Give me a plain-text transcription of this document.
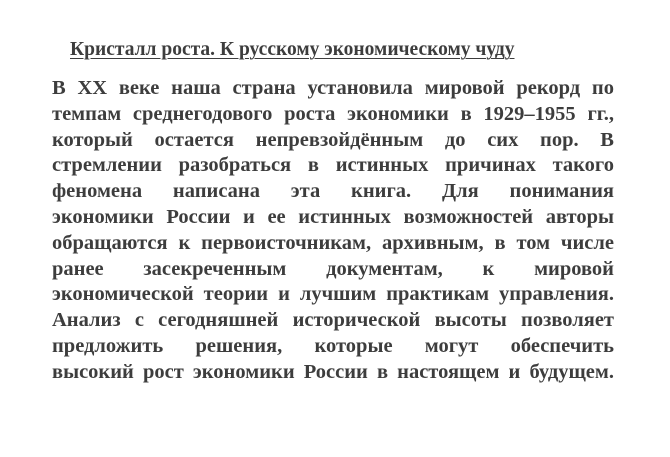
Кристалл роста. К русскому экономическому чуду
В XX веке наша страна установила мировой рекорд по
темпам среднегодового роста экономики в 1929–1955 гг.,
который остается непревзойдённым до сих пор. В
стремлении разобраться в истинных причинах такого
феномена написана эта книга. Для понимания
экономики России и ее истинных возможностей авторы
обращаются к первоисточникам, архивным, в том числе
ранее засекреченным документам, к мировой
экономической теории и лучшим практикам управления.
Анализ с сегодняшней исторической высоты позволяет
предложить решения, которые могут обеспечить
высокий рост экономики России в настоящем и будущем.
